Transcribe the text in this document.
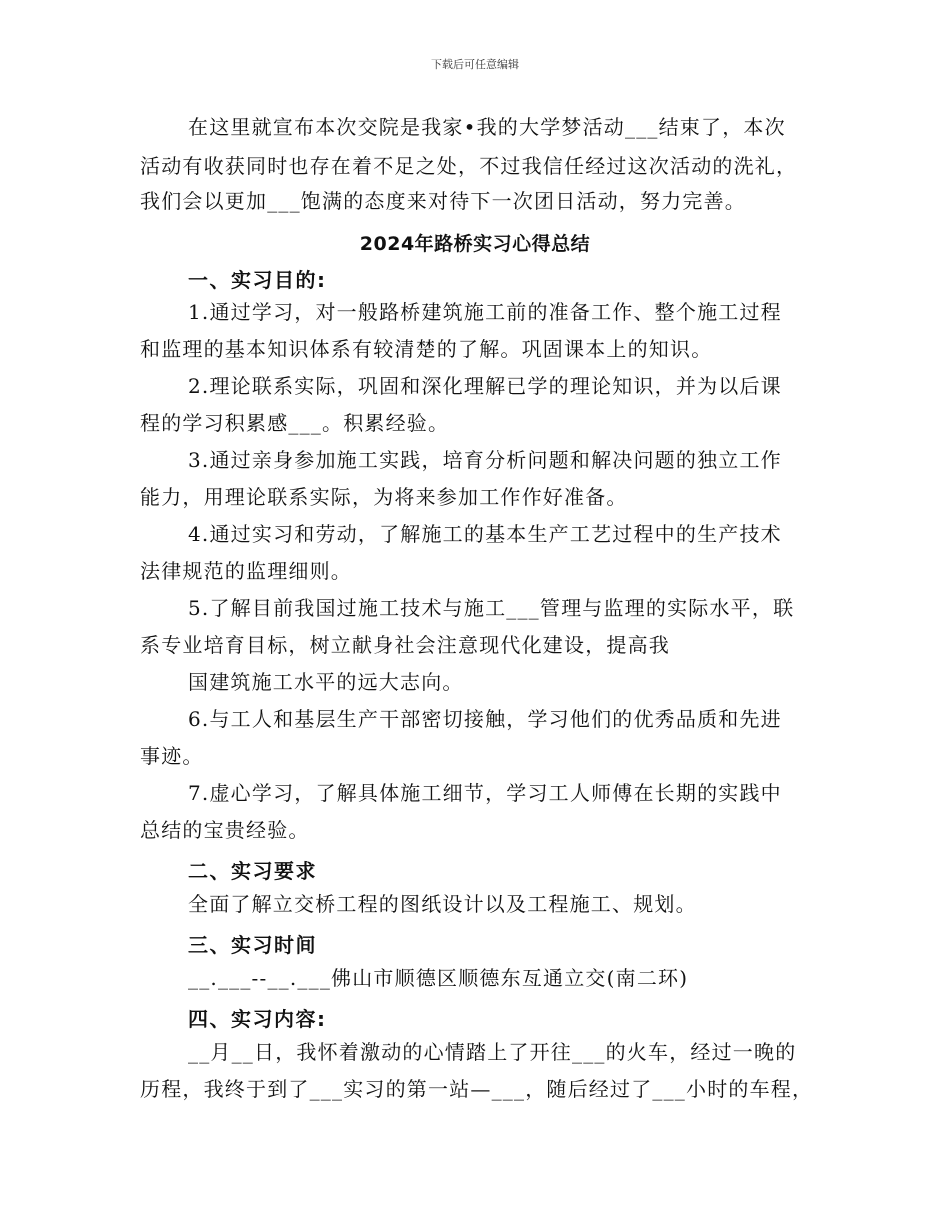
下载后可任意编辑
在这里就宣布本次交院是我家•我的大学梦活动___结束了，本次
活动有收获同时也存在着不足之处，不过我信任经过这次活动的洗礼，
我们会以更加___饱满的态度来对待下一次团日活动，努力完善。
2024年路桥实习心得总结
一、实习目的:
1.通过学习，对一般路桥建筑施工前的准备工作、整个施工过程
和监理的基本知识体系有较清楚的了解。巩固课本上的知识。
2.理论联系实际，巩固和深化理解已学的理论知识，并为以后课
程的学习积累感___。积累经验。
3.通过亲身参加施工实践，培育分析问题和解决问题的独立工作
能力，用理论联系实际，为将来参加工作作好准备。
4.通过实习和劳动，了解施工的基本生产工艺过程中的生产技术
法律规范的监理细则。
5.了解目前我国过施工技术与施工___管理与监理的实际水平，联
系专业培育目标，树立献身社会注意现代化建设，提高我
国建筑施工水平的远大志向。
6.与工人和基层生产干部密切接触，学习他们的优秀品质和先进
事迹。
7.虚心学习，了解具体施工细节，学习工人师傅在长期的实践中
总结的宝贵经验。
二、实习要求
全面了解立交桥工程的图纸设计以及工程施工、规划。
三、实习时间
__.___--__.___佛山市顺德区顺德东亙通立交(南二环)
四、实习内容:
__月__日，我怀着激动的心情踏上了开往___的火车，经过一晚的
历程，我终于到了___实习的第一站—___，随后经过了___小时的车程，
